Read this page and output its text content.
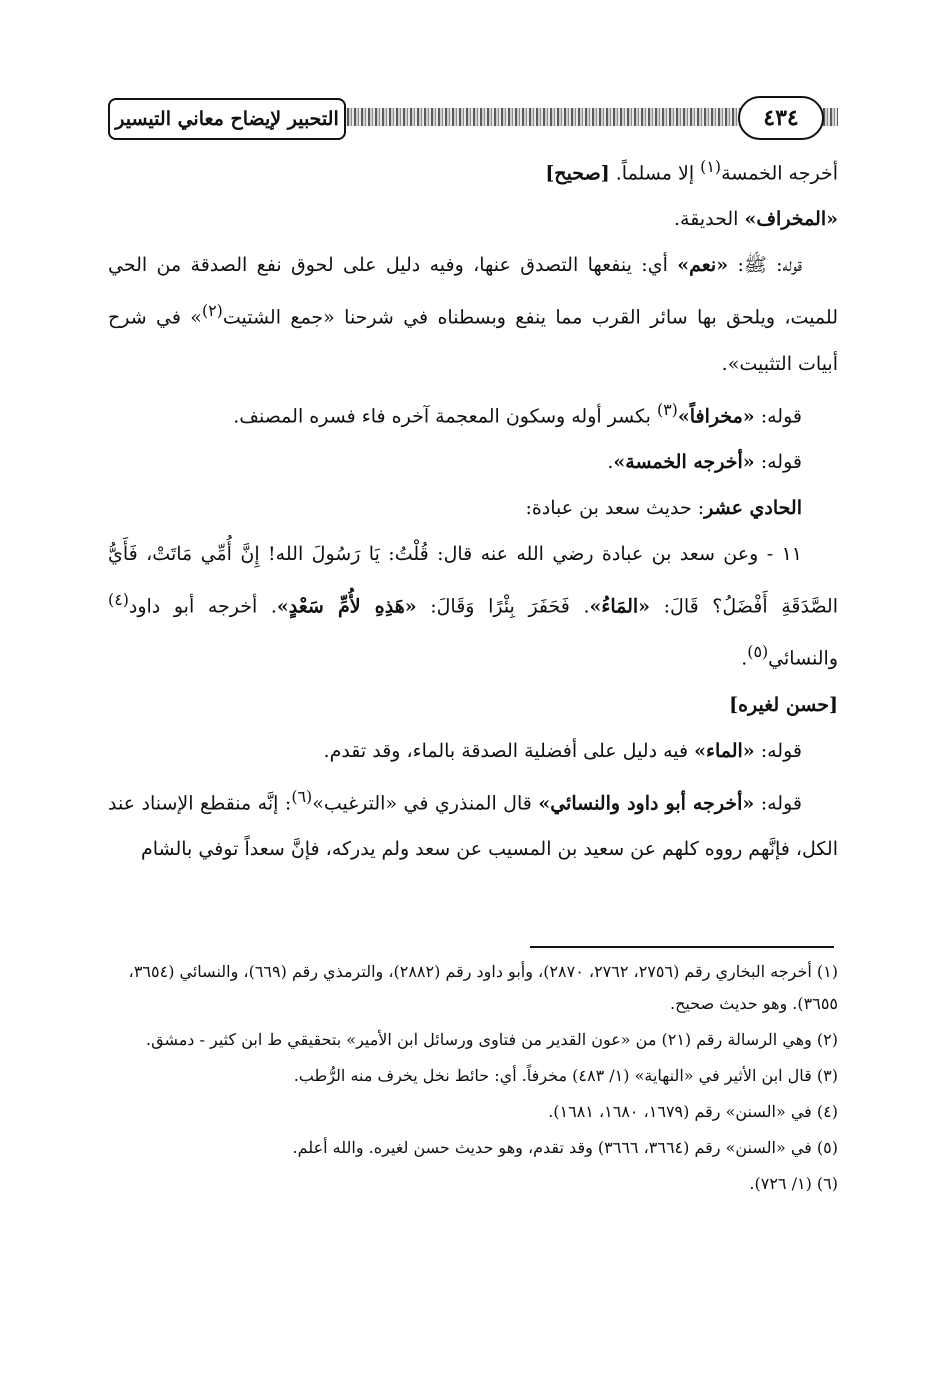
التحبير لإيضاح معاني التيسير	٤٣٤

أخرجه الخمسة$^{(١)}$ إلا مسلماً. [صحيح]

«المخراف» الحديقة.

قوله: ﷺ: «نعم» أي: ينفعها التصدق عنها، وفيه دليل على لحوق نفع الصدقة من الحي للميت، ويلحق بها سائر القرب مما ينفع وبسطناه في شرحنا «جمع الشتيت$^{(٢)}$» في شرح أبيات التثبيت».

قوله: «مخرافاً»$^{(٣)}$ بكسر أوله وسكون المعجمة آخره فاء فسره المصنف.

قوله: «أخرجه الخمسة».

الحادي عشر: حديث سعد بن عبادة:

١١ - وعن سعد بن عبادة رضي الله عنه قال: قُلْتُ: يَا رَسُولَ الله! إِنَّ أُمِّي مَاتَتْ، فَأَيُّ الصَّدَقَةِ أَفْضَلُ؟ قَالَ: «المَاءُ». فَحَفَرَ بِئْرًا وَقَالَ: «هَذِهِ لأُمِّ سَعْدٍ». أخرجه أبو داود$^{(٤)}$ والنسائي$^{(٥)}$.

[حسن لغيره]

قوله: «الماء» فيه دليل على أفضلية الصدقة بالماء، وقد تقدم.

قوله: «أخرجه أبو داود والنسائي» قال المنذري في «الترغيب»$^{(٦)}$: إنَّه منقطع الإسناد عند الكل، فإنَّهم رووه كلهم عن سعيد بن المسيب عن سعد ولم يدركه، فإنَّ سعداً توفي بالشام

(١) أخرجه البخاري رقم (٢٧٥٦، ٢٧٦٢، ٢٨٧٠)، وأبو داود رقم (٢٨٨٢)، والترمذي رقم (٦٦٩)، والنسائي (٣٦٥٤، ٣٦٥٥). وهو حديث صحيح.

(٢) وهي الرسالة رقم (٢١) من «عون القدير من فتاوى ورسائل ابن الأمير» بتحقيقي ط ابن كثير - دمشق.

(٣) قال ابن الأثير في «النهاية» (١/ ٤٨٣) مخرفاً. أي: حائط نخل يخرف منه الرُّطب.

(٤) في «السنن» رقم (١٦٧٩، ١٦٨٠، ١٦٨١).

(٥) في «السنن» رقم (٣٦٦٤، ٣٦٦٦) وقد تقدم، وهو حديث حسن لغيره. والله أعلم.

(٦) (١/ ٧٢٦).
